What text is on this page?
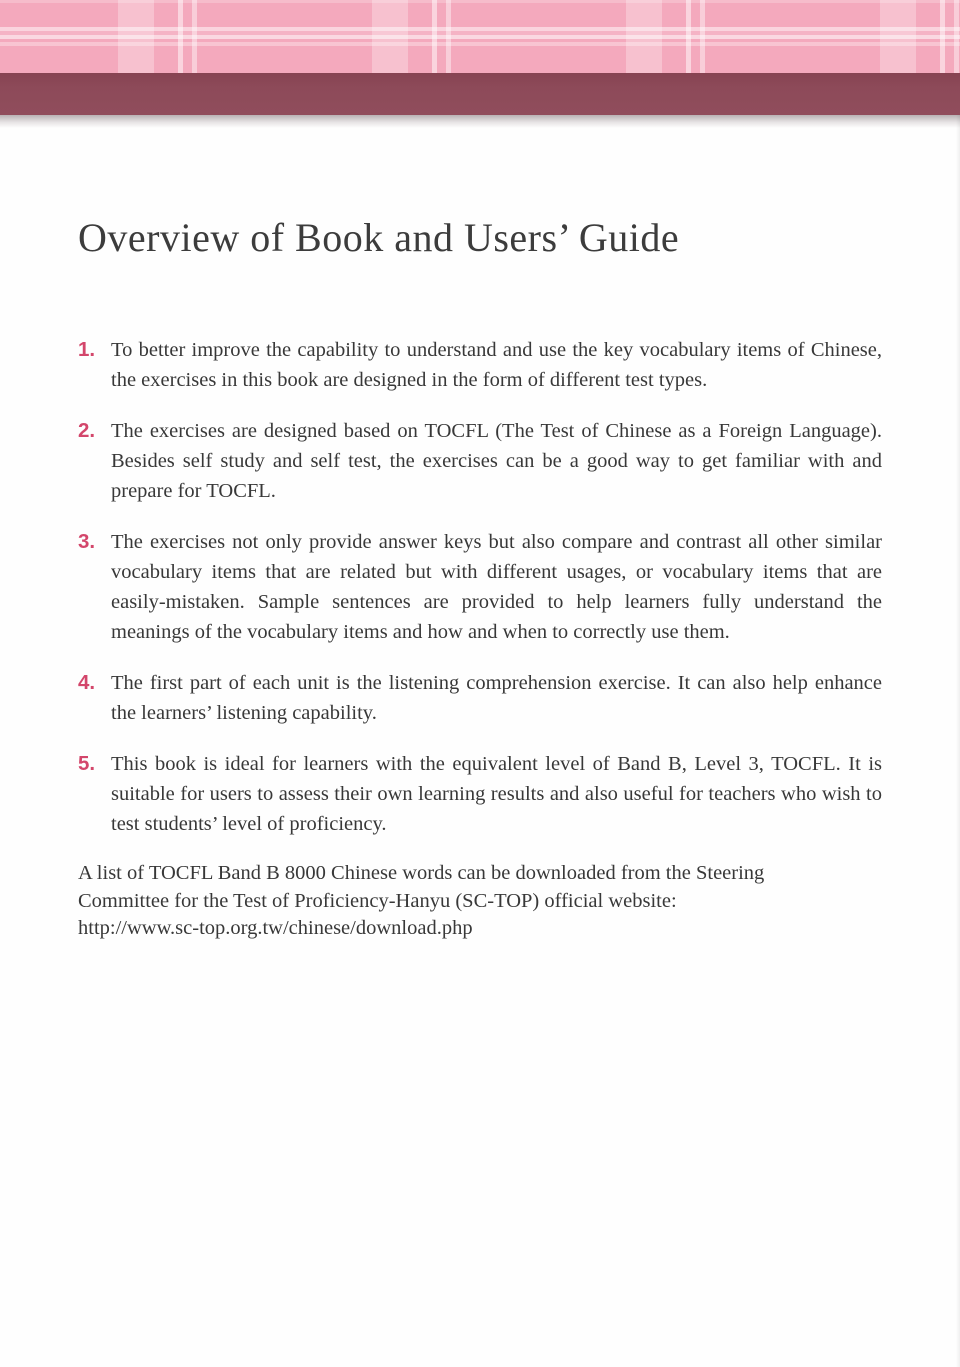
Overview of Book and Users’ Guide
1. To better improve the capability to understand and use the key vocabulary items of Chinese, the exercises in this book are designed in the form of different test types.

2. The exercises are designed based on TOCFL (The Test of Chinese as a Foreign Language). Besides self study and self test, the exercises can be a good way to get familiar with and prepare for TOCFL.

3. The exercises not only provide answer keys but also compare and contrast all other similar vocabulary items that are related but with different usages, or vocabulary items that are easily-mistaken. Sample sentences are provided to help learners fully understand the meanings of the vocabulary items and how and when to correctly use them.

4. The first part of each unit is the listening comprehension exercise. It can also help enhance the learners’ listening capability.

5. This book is ideal for learners with the equivalent level of Band B, Level 3, TOCFL. It is suitable for users to assess their own learning results and also useful for teachers who wish to test students’ level of proficiency.

A list of TOCFL Band B 8000 Chinese words can be downloaded from the Steering
Committee for the Test of Proficiency-Hanyu (SC-TOP) official website:
http://www.sc-top.org.tw/chinese/download.php
